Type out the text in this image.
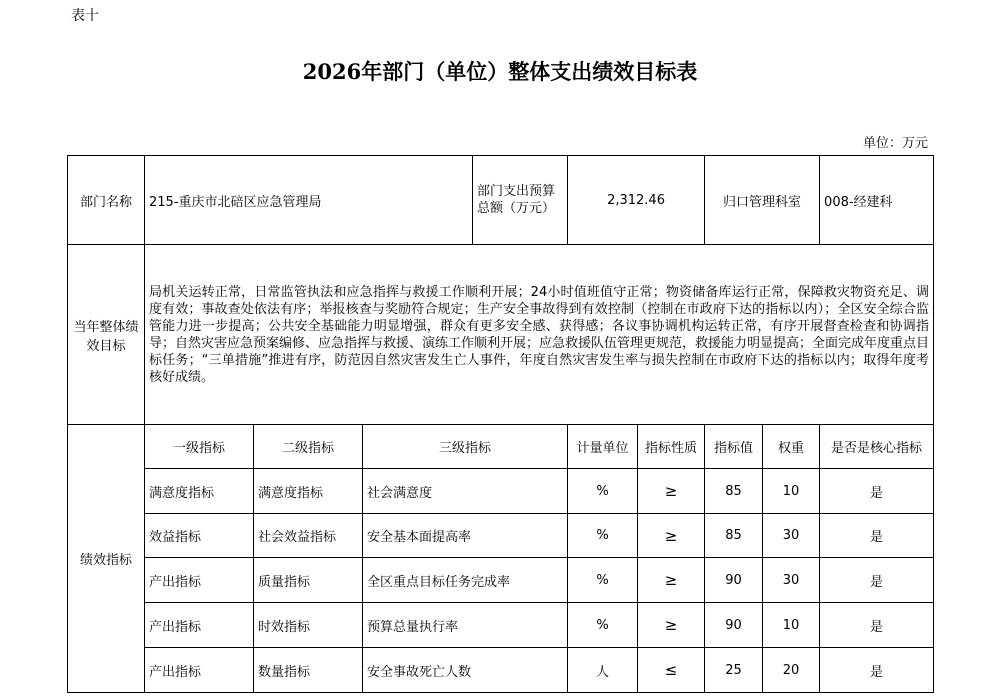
表十
2026年部门（单位）整体支出绩效目标表
单位：万元
部门名称	215-重庆市北碚区应急管理局			部门支出预算总额（万元）	2,312.46		归口管理科室		008-经建科
当年整体绩效目标	局机关运转正常，日常监管执法和应急指挥与救援工作顺利开展；24小时值班值守正常；物资储备库运行正常，保障救灾物资充足、调度有效；事故查处依法有序；举报核查与奖励符合规定；生产安全事故得到有效控制（控制在市政府下达的指标以内）；全区安全综合监管能力进一步提高；公共安全基础能力明显增强，群众有更多安全感、获得感；各议事协调机构运转正常，有序开展督查检查和协调指导；自然灾害应急预案编修、应急指挥与救援、演练工作顺利开展；应急救援队伍管理更规范，救援能力明显提高；全面完成年度重点目标任务；“三单措施”推进有序，防范因自然灾害发生亡人事件，年度自然灾害发生率与损失控制在市政府下达的指标以内；取得年度考核好成绩。								
绩效指标	一级指标	二级指标	三级指标		计量单位	指标性质	指标值	权重	是否是核心指标
	满意度指标	满意度指标	社会满意度		%	≥	85	10	是
	效益指标	社会效益指标	安全基本面提高率		%	≥	85	30	是
	产出指标	质量指标	全区重点目标任务完成率		%	≥	90	30	是
	产出指标	时效指标	预算总量执行率		%	≥	90	10	是
	产出指标	数量指标	安全事故死亡人数		人	≤	25	20	是
